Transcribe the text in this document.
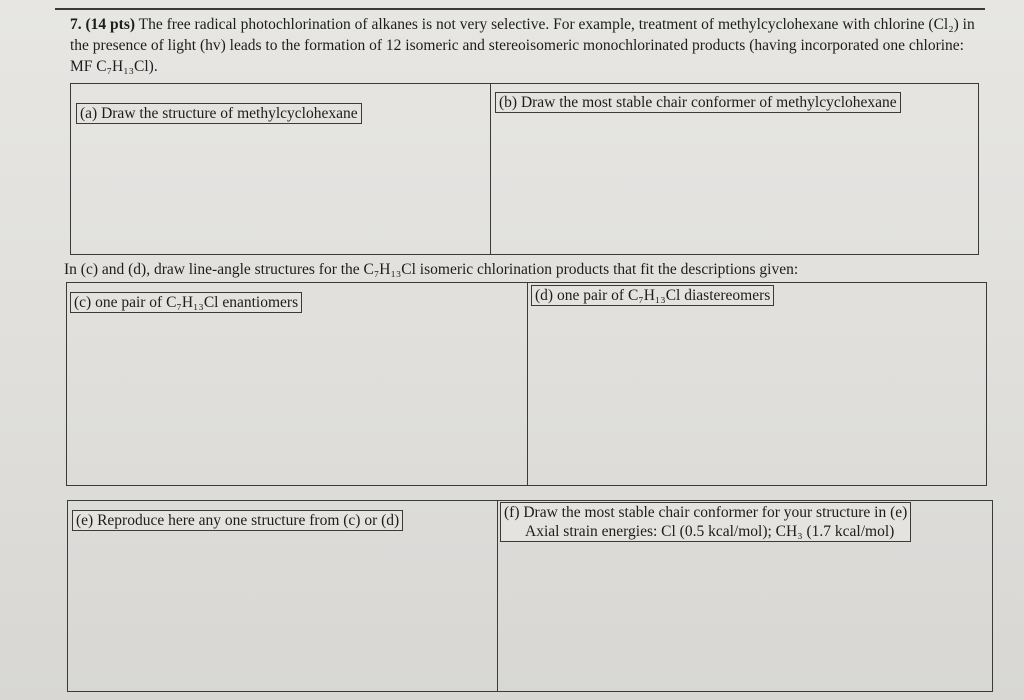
7. (14 pts) The free radical photochlorination of alkanes is not very selective. For example, treatment of methylcyclohexane with chlorine (Cl₂) in the presence of light (hv) leads to the formation of 12 isomeric and stereoisomeric monochlorinated products (having incorporated one chlorine: MF C₇H₁₃Cl).
(a) Draw the structure of methylcyclohexane
(b) Draw the most stable chair conformer of methylcyclohexane
In (c) and (d), draw line-angle structures for the C₇H₁₃Cl isomeric chlorination products that fit the descriptions given:
(c) one pair of C₇H₁₃Cl enantiomers	(d) one pair of C₇H₁₃Cl diastereomers
(e) Reproduce here any one structure from (c) or (d)	(f) Draw the most stable chair conformer for your structure in (e)
Axial strain energies: Cl (0.5 kcal/mol); CH₃ (1.7 kcal/mol)
